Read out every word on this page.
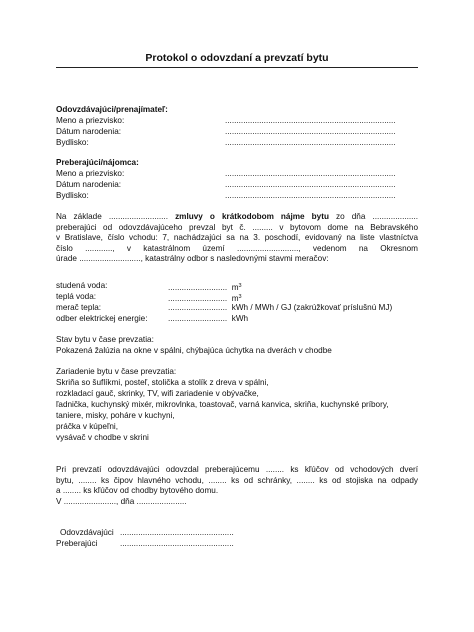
Protokol o odovzdaní a prevzatí bytu
Odovzdávajúci/prenajímateľ:
Meno a priezvisko:	...........................................................................
Dátum narodenia:	...........................................................................
Bydlisko:	...........................................................................
Preberajúci/nájomca:
Meno a priezvisko:	...........................................................................
Dátum narodenia:	...........................................................................
Bydlisko:	...........................................................................
Na základe .......................... zmluvy o krátkodobom nájme bytu zo dňa ....................
preberajúci od odovzdávajúceho prevzal byt č. ......... v bytovom dome na Bebravského
v Bratislave, číslo vchodu: 7, nachádzajúci sa na 3. poschodí, evidovaný na liste vlastníctva
číslo ............, v katastrálnom území ..........................., vedenom na Okresnom
úrade ..........................., katastrálny odbor s nasledovnými stavmi meračov:
studená voda:	.......................... $m^3$
teplá voda:	.......................... $m^3$
merač tepla:	.......................... kWh / MWh / GJ (zakrúžkovať príslušnú MJ)
odber elektrickej energie:	.......................... kWh
Stav bytu v čase prevzatia:
Pokazená žalúzia na okne v spálni, chýbajúca úchytka na dverách v chodbe
Zariadenie bytu v čase prevzatia:
Skriňa so šuflíkmi, posteľ, stolička a stolík z dreva v spálni,
rozkladací gauč, skrinky, TV, wifi zariadenie v obývačke,
ľadnička, kuchynský mixér, mikrovlnka, toastovač, varná kanvica, skriňa, kuchynské príbory,
taniere, misky, poháre v kuchyni,
práčka v kúpeľni,
vysávač v chodbe v skrini
Pri prevzatí odovzdávajúci odovzdal preberajúcemu ........ ks kľúčov od vchodových dverí
bytu, ........ ks čipov hlavného vchodu, ........ ks od schránky, ........ ks od stojiska na odpady
a ........ ks kľúčov od chodby bytového domu.
V ......................., dňa ......................
Odovzdávajúci ..................................................
Preberajúci	..................................................
